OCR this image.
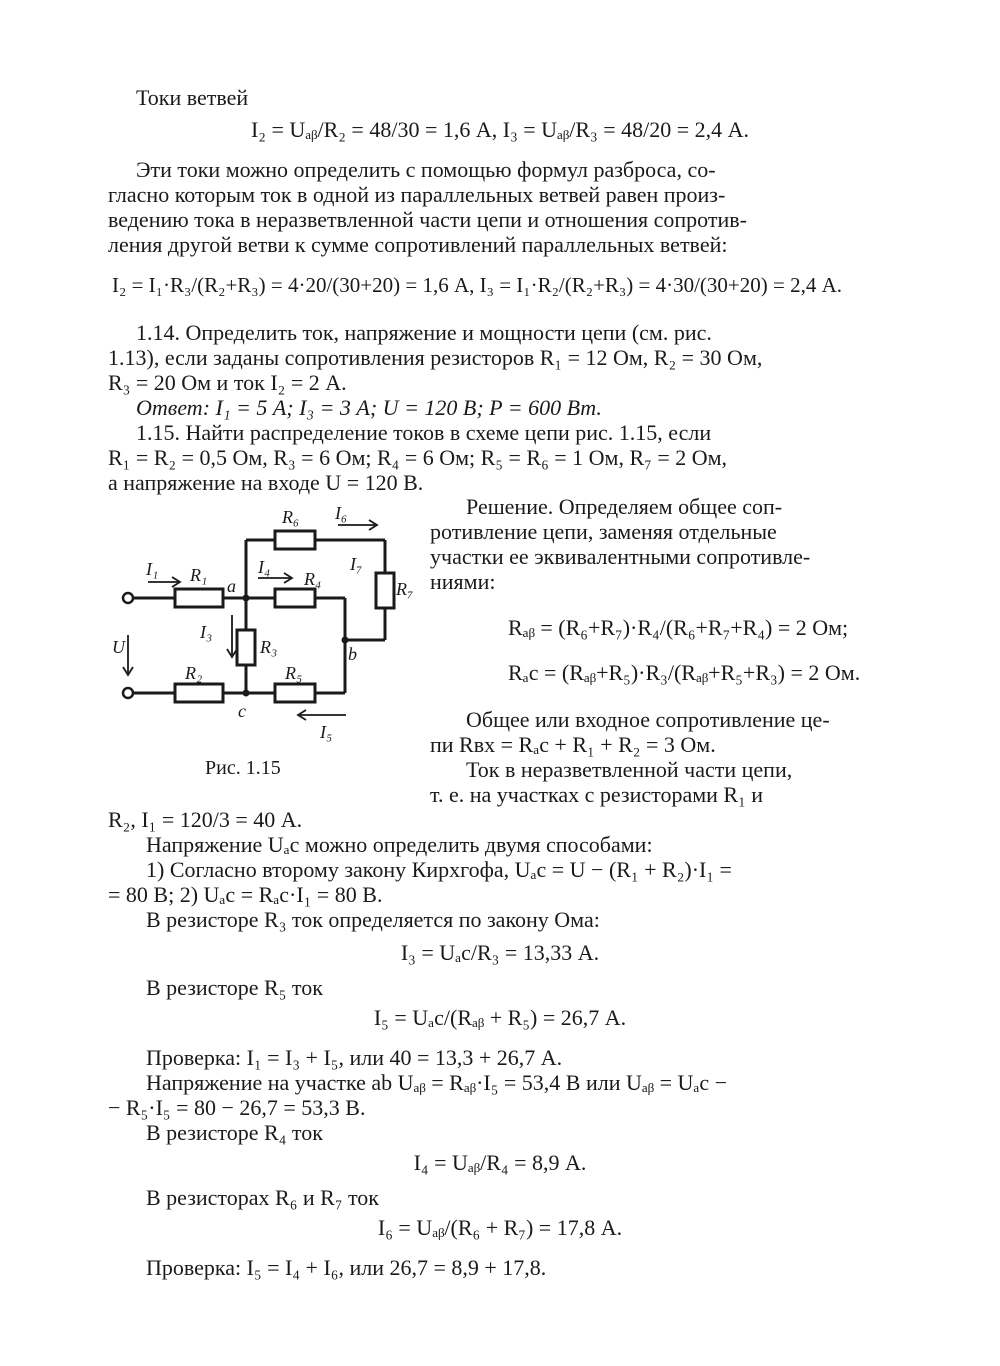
Токи ветвей
I₂ = Uₐᵦ/R₂ = 48/30 = 1,6 А, I₃ = Uₐᵦ/R₃ = 48/20 = 2,4 А.
Эти токи можно определить с помощью формул разброса, со-
гласно которым ток в одной из параллельных ветвей равен произ-
ведению тока в неразветвленной части цепи и отношения сопротив-
ления другой ветви к сумме сопротивлений параллельных ветвей:
I₂ = I₁·R₃/(R₂+R₃) = 4·20/(30+20) = 1,6 А, I₃ = I₁·R₂/(R₂+R₃) = 4·30/(30+20) = 2,4 А.
1.14. Определить ток, напряжение и мощности цепи (см. рис.
1.13), если заданы сопротивления резисторов R₁ = 12 Ом, R₂ = 30 Ом,
R₃ = 20 Ом и ток I₂ = 2 А.
Ответ: I₁ = 5 А; I₃ = 3 А; U = 120 В; P = 600 Вт.
1.15. Найти распределение токов в схеме цепи рис. 1.15, если
R₁ = R₂ = 0,5 Ом, R₃ = 6 Ом; R₄ = 6 Ом; R₅ = R₆ = 1 Ом, R₇ = 2 Ом,
а напряжение на входе U = 120 В.
Решение. Определяем общее соп-
ротивление цепи, заменяя отдельные
участки ее эквивалентными сопротивле-
ниями:
Rₐᵦ = (R₆+R₇)·R₄/(R₆+R₇+R₄) = 2 Ом;
Rₐc = (Rₐᵦ+R₅)·R₃/(Rₐᵦ+R₅+R₃) = 2 Ом.
Общее или входное сопротивление це-
пи Rвх = Rₐc + R₁ + R₂ = 3 Ом.
Ток в неразветвленной части цепи,
т. е. на участках с резисторами R₁ и
R₂, I₁ = 120/3 = 40 А.
Напряжение Uₐc можно определить двумя способами:
1) Согласно второму закону Кирхгофа, Uₐc = U − (R₁ + R₂)·I₁ =
= 80 В; 2) Uₐc = Rₐc·I₁ = 80 В.
В резисторе R₃ ток определяется по закону Ома:
I₃ = Uₐc/R₃ = 13,33 А.
В резисторе R₅ ток
I₅ = Uₐc/(Rₐᵦ + R₅) = 26,7 А.
Проверка: I₁ = I₃ + I₅, или 40 = 13,3 + 26,7 А.
Напряжение на участке ab Uₐᵦ = Rₐᵦ·I₅ = 53,4 В или Uₐᵦ = Uₐc −
− R₅·I₅ = 80 − 26,7 = 53,3 В.
В резисторе R₄ ток
I₄ = Uₐᵦ/R₄ = 8,9 А.
В резисторах R₆ и R₇ ток
I₆ = Uₐᵦ/(R₆ + R₇) = 17,8 А.
Проверка: I₅ = I₄ + I₆, или 26,7 = 8,9 + 17,8.
I₁ R₁
a
I₄
R₄
R₆ I₆
I₇
R₇
I₃
R₃	b
U
R₂	R₅
c
I₅
Рис. 1.15
